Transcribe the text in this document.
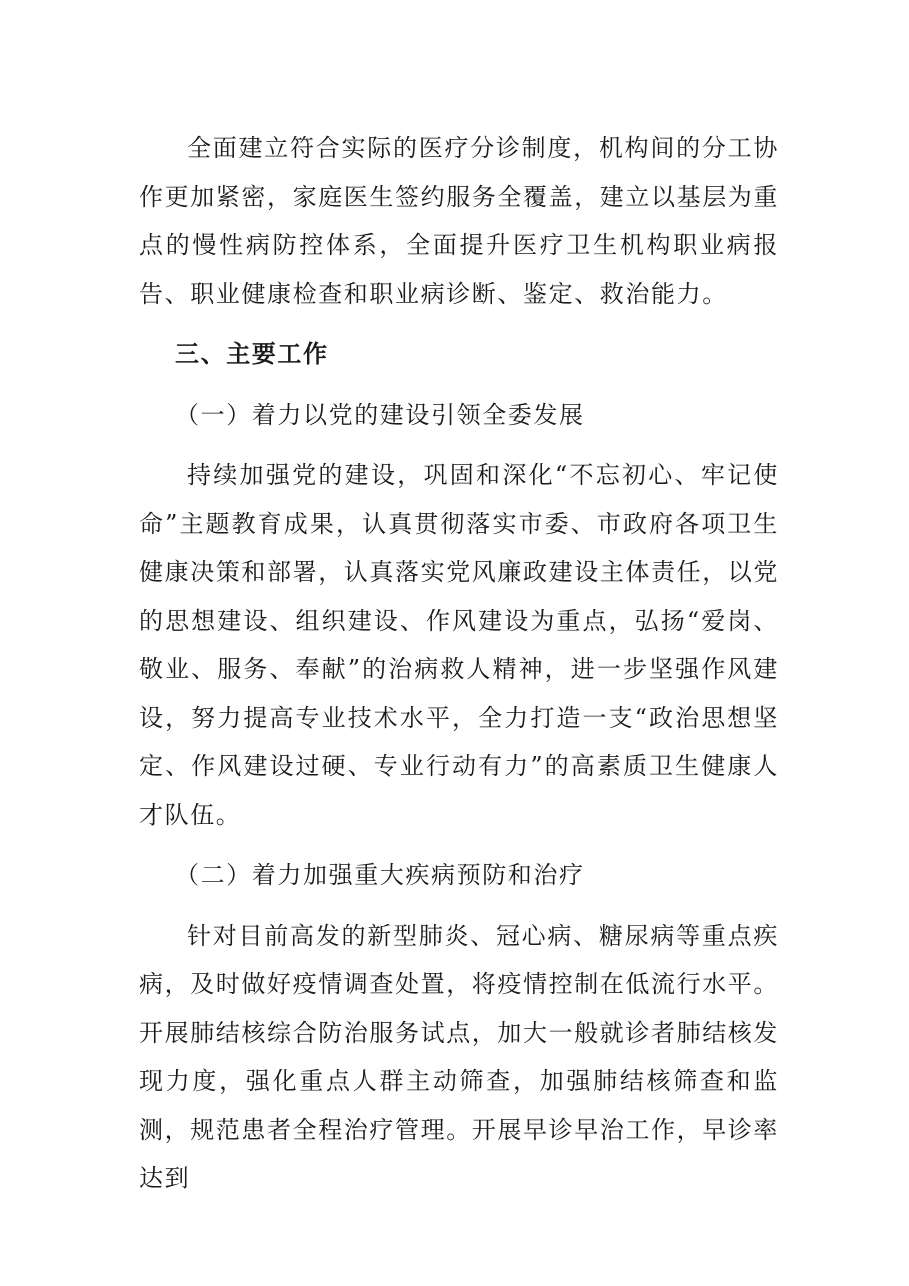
全面建立符合实际的医疗分诊制度，机构间的分工协作更加紧密，家庭医生签约服务全覆盖，建立以基层为重点的慢性病防控体系，全面提升医疗卫生机构职业病报告、职业健康检查和职业病诊断、鉴定、救治能力。

三、主要工作

（一）着力以党的建设引领全委发展

持续加强党的建设，巩固和深化“不忘初心、牢记使命”主题教育成果，认真贯彻落实市委、市政府各项卫生健康决策和部署，认真落实党风廉政建设主体责任，以党的思想建设、组织建设、作风建设为重点，弘扬“爱岗、敬业、服务、奉献”的治病救人精神，进一步坚强作风建设，努力提高专业技术水平，全力打造一支“政治思想坚定、作风建设过硬、专业行动有力”的高素质卫生健康人才队伍。

（二）着力加强重大疾病预防和治疗

针对目前高发的新型肺炎、冠心病、糖尿病等重点疾病，及时做好疫情调查处置，将疫情控制在低流行水平。开展肺结核综合防治服务试点，加大一般就诊者肺结核发现力度，强化重点人群主动筛查，加强肺结核筛查和监测，规范患者全程治疗管理。开展早诊早治工作，早诊率达到
